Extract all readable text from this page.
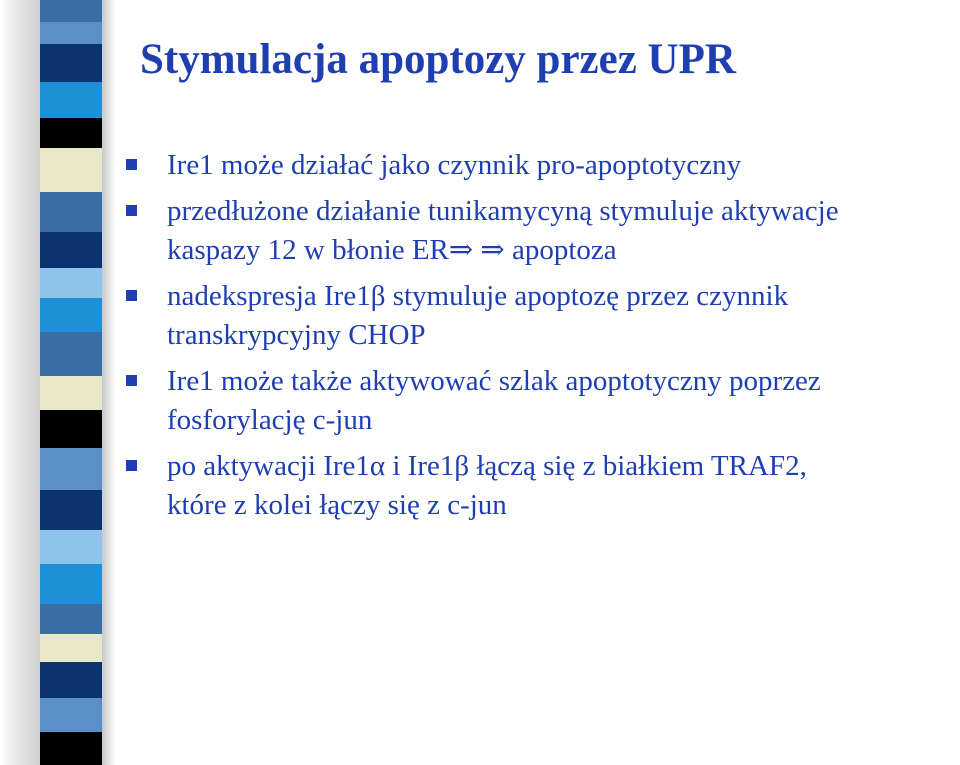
Stymulacja apoptozy przez UPR
Ire1 może działać jako czynnik pro-apoptotyczny
przedłużone działanie tunikamycyną stymuluje aktywacje
kaspazy 12 w błonie ER⇒ ⇒ apoptoza
nadekspresja Ire1β stymuluje apoptozę przez czynnik
transkrypcyjny CHOP
Ire1 może także aktywować szlak apoptotyczny poprzez
fosforylację c-jun
po aktywacji Ire1α i Ire1β łączą się z białkiem TRAF2,
które z kolei łączy się z c-jun
